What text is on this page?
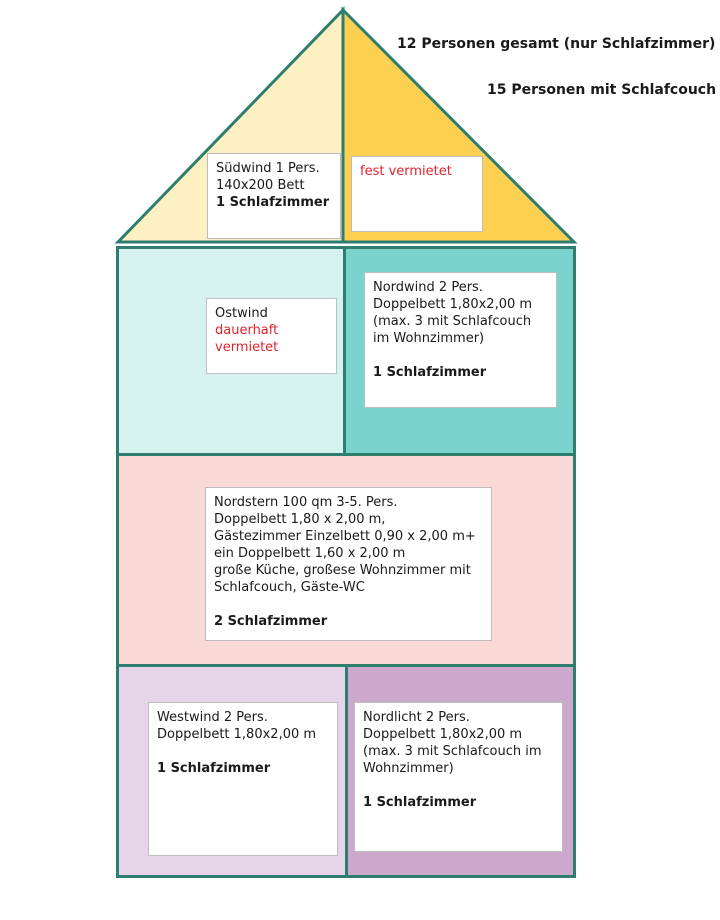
12 Personen gesamt (nur Schlafzimmer)
15 Personen mit Schlafcouch
Südwind 1 Pers.
140x200 Bett
1 Schlafzimmer
fest vermietet
Ostwind
dauerhaft
vermietet
Nordwind 2 Pers.
Doppelbett 1,80x2,00 m
(max. 3 mit Schlafcouch
im Wohnzimmer)
1 Schlafzimmer
Nordstern 100 qm 3-5. Pers.
Doppelbett 1,80 x 2,00 m,
Gästezimmer Einzelbett 0,90 x 2,00 m+
ein Doppelbett 1,60 x 2,00 m
große Küche, großese Wohnzimmer mit
Schlafcouch, Gäste-WC
2 Schlafzimmer
Westwind 2 Pers.
Doppelbett 1,80x2,00 m
1 Schlafzimmer
Nordlicht 2 Pers.
Doppelbett 1,80x2,00 m
(max. 3 mit Schlafcouch im
Wohnzimmer)
1 Schlafzimmer
